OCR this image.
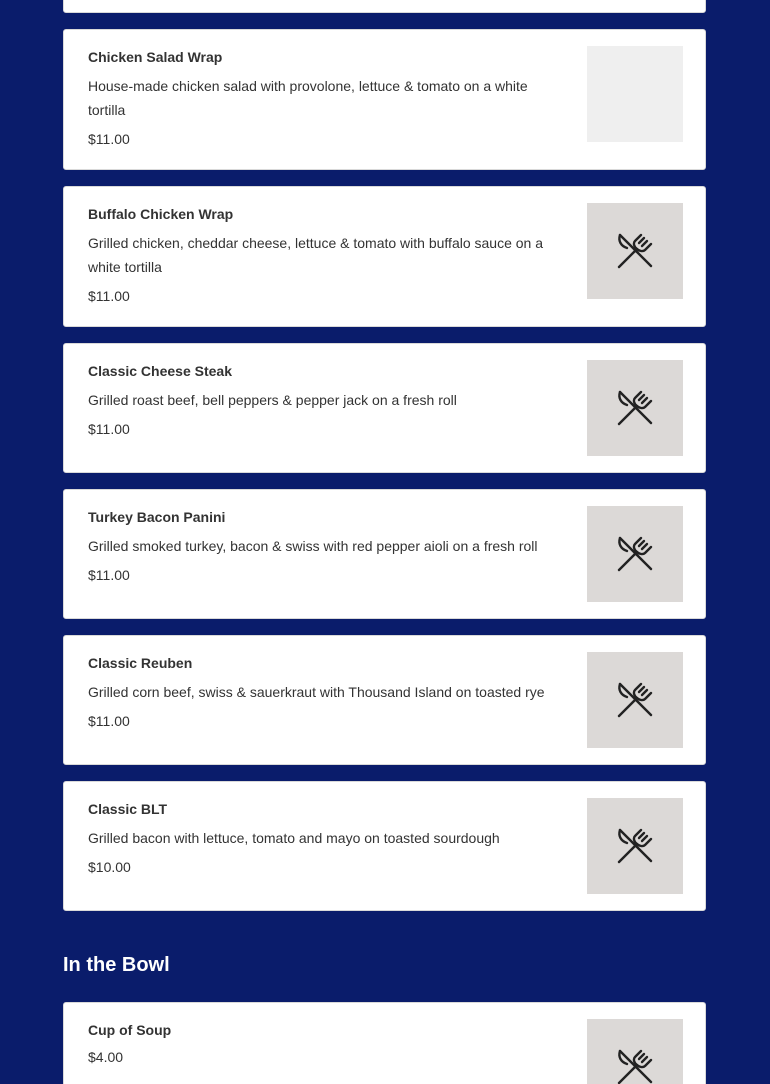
Chicken Salad Wrap
House-made chicken salad with provolone, lettuce & tomato on a white tortilla
$11.00
Buffalo Chicken Wrap
Grilled chicken, cheddar cheese, lettuce & tomato with buffalo sauce on a white tortilla
$11.00
Classic Cheese Steak
Grilled roast beef, bell peppers & pepper jack on a fresh roll
$11.00
Turkey Bacon Panini
Grilled smoked turkey, bacon & swiss with red pepper aioli on a fresh roll
$11.00
Classic Reuben
Grilled corn beef, swiss & sauerkraut with Thousand Island on toasted rye
$11.00
Classic BLT
Grilled bacon with lettuce, tomato and mayo on toasted sourdough
$10.00
In the Bowl
Cup of Soup
$4.00
